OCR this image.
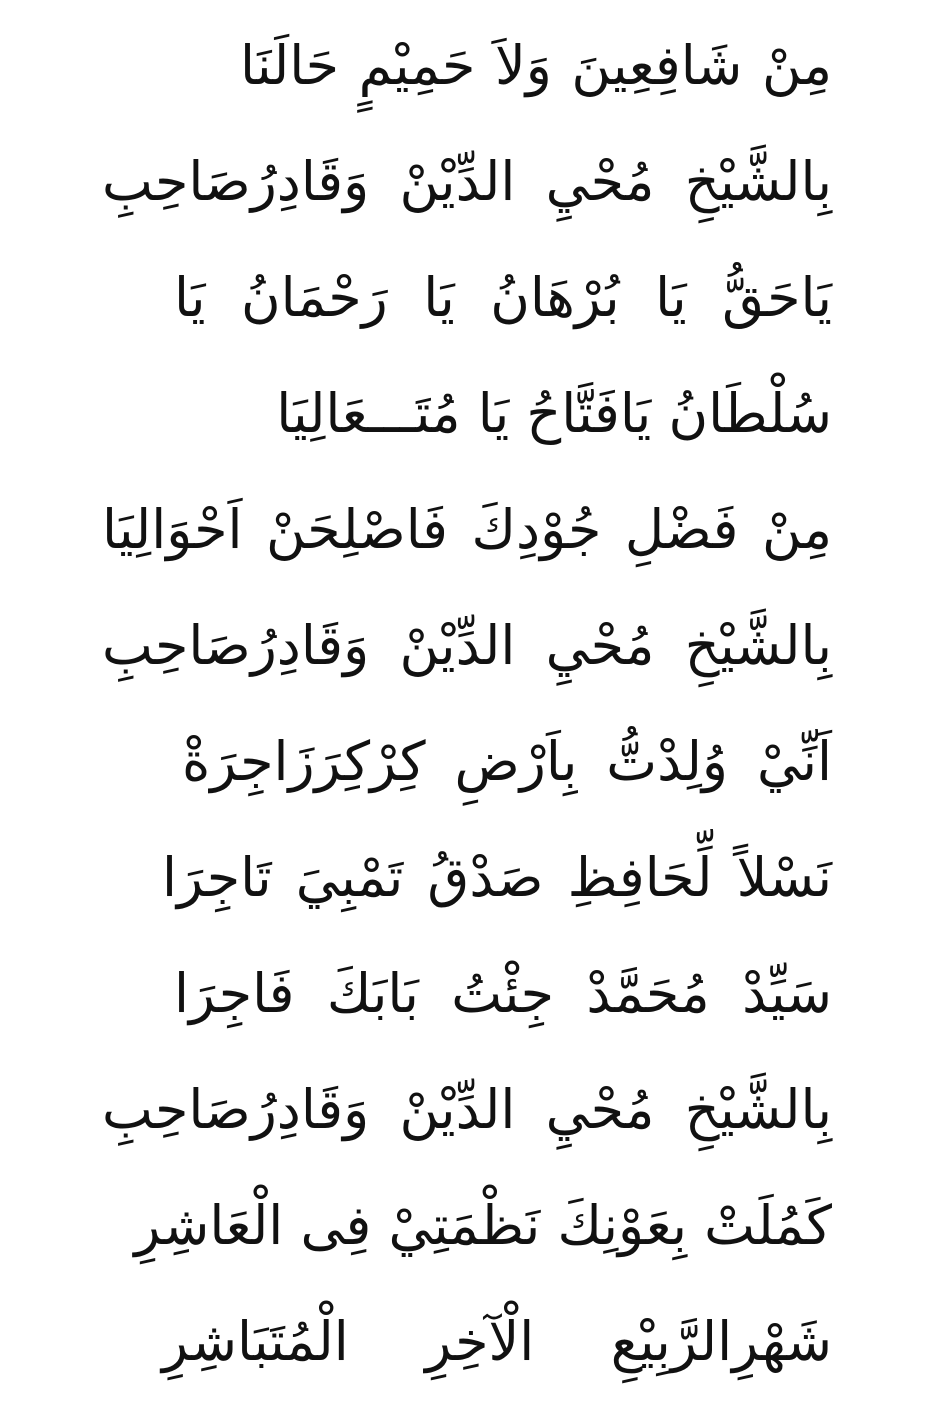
مِنْ شَافِعِينَ وَلاَ حَمِيْمٍ حَالَنَا
بِالشَّيْخِ مُحْيِ الدِّيْنْ وَقَادِرُصَاحِبِ
يَاحَقُّ يَا بُرْهَانُ يَا رَحْمَانُ يَا
سُلْطَانُ يَافَتَّاحُ يَا مُتَـــعَالِيَا
مِنْ فَضْلِ جُوْدِكَ فَاصْلِحَنْ اَحْوَالِيَا
بِالشَّيْخِ مُحْيِ الدِّيْنْ وَقَادِرُصَاحِبِ
اَنِّيْ وُلِدْتُّ بِاَرْضِ كِرْكِرَزَاجِرَةْ
نَسْلاً لِّحَافِظِ صَدْقُ تَمْبِيَ تَاجِرَا
سَيِّدْ مُحَمَّدْ جِئْتُ بَابَكَ فَاجِرَا
بِالشَّيْخِ مُحْيِ الدِّيْنْ وَقَادِرُصَاحِبِ
كَمُلَتْ بِعَوْنِكَ نَظْمَتِيْ فِى الْعَاشِرِ
شَهْرِالرَّبِيْعِ الْآخِرِ الْمُتَبَاشِرِ
